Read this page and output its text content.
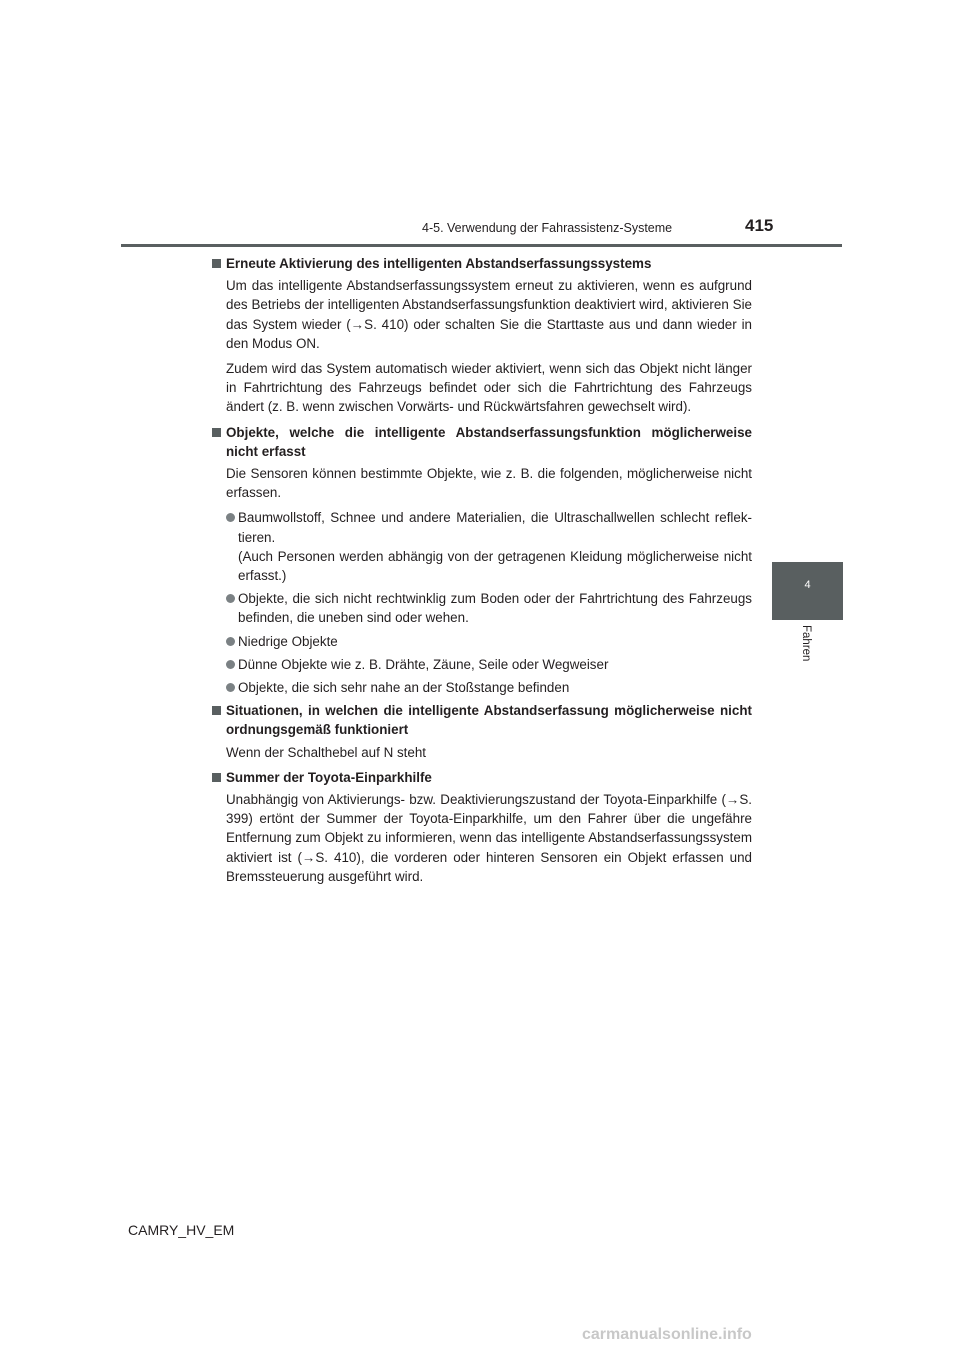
4-5. Verwendung der Fahrassistenz-Systeme	415
4
Fahren
Erneute Aktivierung des intelligenten Abstandserfassungssystems

Um das intelligente Abstandserfassungssystem erneut zu aktivieren, wenn es aufgrund des Betriebs der intelligenten Abstandserfassungsfunktion deaktiviert wird, aktivieren Sie das System wieder (→S. 410) oder schalten Sie die Starttaste aus und dann wieder in den Modus ON.

Zudem wird das System automatisch wieder aktiviert, wenn sich das Objekt nicht länger in Fahrtrichtung des Fahrzeugs befindet oder sich die Fahrtrichtung des Fahrzeugs ändert (z. B. wenn zwischen Vorwärts- und Rückwärtsfahren gewechselt wird).

Objekte, welche die intelligente Abstandserfassungsfunktion möglicherweise nicht erfasst

Die Sensoren können bestimmte Objekte, wie z. B. die folgenden, möglicherweise nicht erfassen.

Baumwollstoff, Schnee und andere Materialien, die Ultraschallwellen schlecht reflektieren.
(Auch Personen werden abhängig von der getragenen Kleidung möglicherweise nicht erfasst.)
Objekte, die sich nicht rechtwinklig zum Boden oder der Fahrtrichtung des Fahrzeugs befinden, die uneben sind oder wehen.
Niedrige Objekte
Dünne Objekte wie z. B. Drähte, Zäune, Seile oder Wegweiser
Objekte, die sich sehr nahe an der Stoßstange befinden
Situationen, in welchen die intelligente Abstandserfassung möglicherweise nicht ordnungsgemäß funktioniert

Wenn der Schalthebel auf N steht

Summer der Toyota-Einparkhilfe

Unabhängig von Aktivierungs- bzw. Deaktivierungszustand der Toyota-Einparkhilfe (→S. 399) ertönt der Summer der Toyota-Einparkhilfe, um den Fahrer über die ungefähre Entfernung zum Objekt zu informieren, wenn das intelligente Abstandserfassungssystem aktiviert ist (→S. 410), die vorderen oder hinteren Sensoren ein Objekt erfassen und Bremssteuerung ausgeführt wird.

CAMRY_HV_EM
carmanualsonline.info
